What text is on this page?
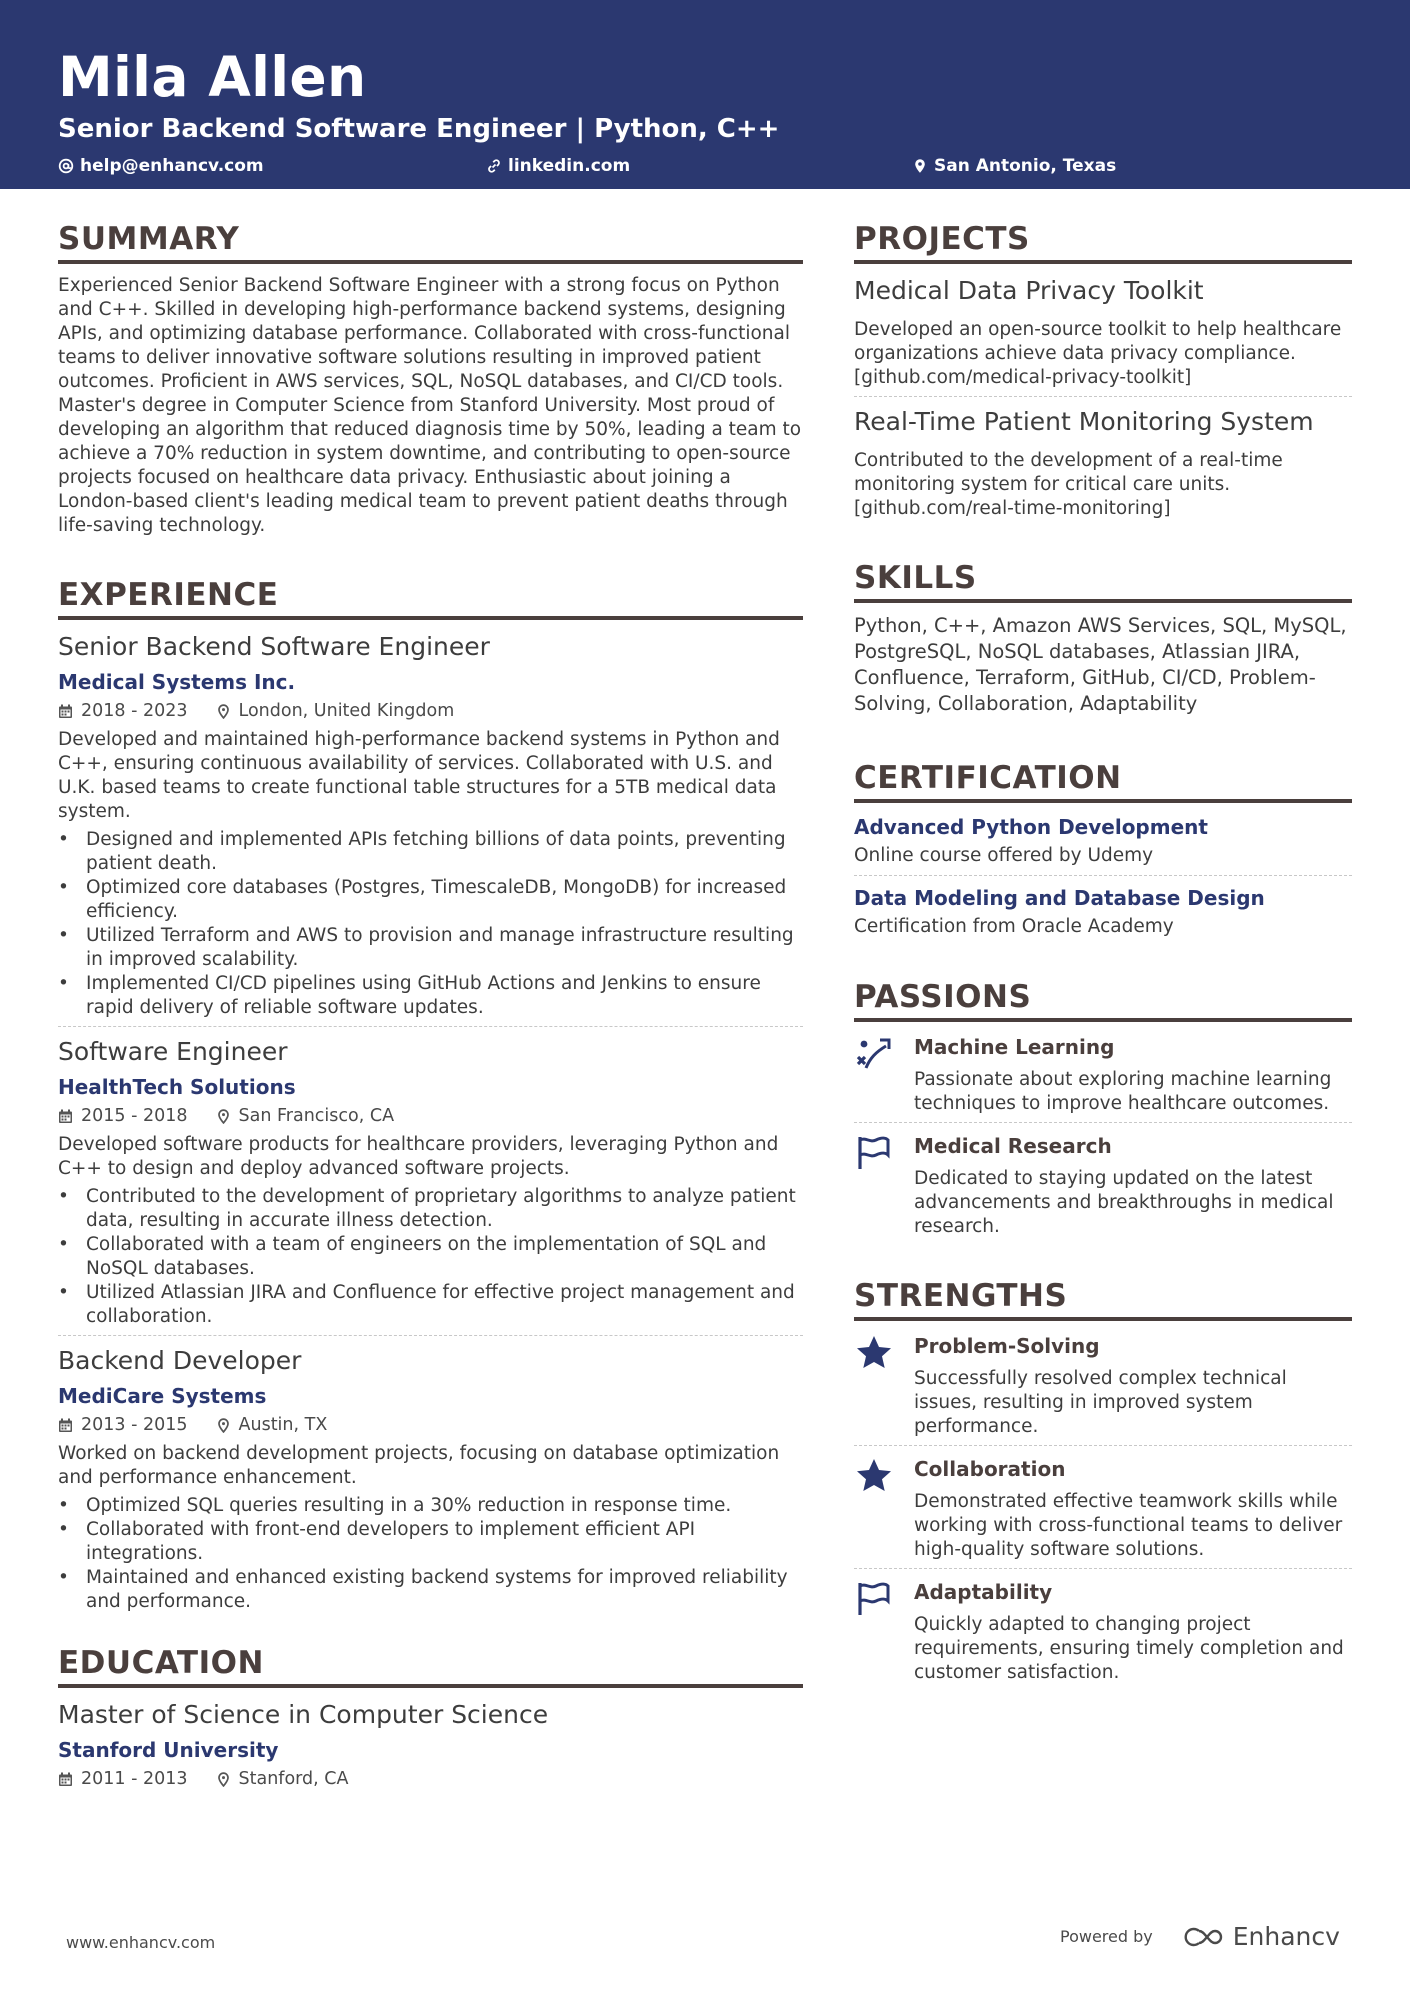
Mila Allen
Senior Backend Software Engineer | Python, C++
help@enhancv.com	linkedin.com	San Antonio, Texas
SUMMARY
Experienced Senior Backend Software Engineer with a strong focus on Python and C++. Skilled in developing high-performance backend systems, designing APIs, and optimizing database performance. Collaborated with cross-functional teams to deliver innovative software solutions resulting in improved patient outcomes. Proficient in AWS services, SQL, NoSQL databases, and CI/CD tools. Master's degree in Computer Science from Stanford University. Most proud of developing an algorithm that reduced diagnosis time by 50%, leading a team to achieve a 70% reduction in system downtime, and contributing to open-source projects focused on healthcare data privacy. Enthusiastic about joining a London-based client's leading medical team to prevent patient deaths through life-saving technology.
EXPERIENCE
Senior Backend Software Engineer
Medical Systems Inc.
2018 - 2023	London, United Kingdom
Developed and maintained high-performance backend systems in Python and C++, ensuring continuous availability of services. Collaborated with U.S. and U.K. based teams to create functional table structures for a 5TB medical data system.
• Designed and implemented APIs fetching billions of data points, preventing patient death.
• Optimized core databases (Postgres, TimescaleDB, MongoDB) for increased efficiency.
• Utilized Terraform and AWS to provision and manage infrastructure resulting in improved scalability.
• Implemented CI/CD pipelines using GitHub Actions and Jenkins to ensure rapid delivery of reliable software updates.
Software Engineer
HealthTech Solutions
2015 - 2018	San Francisco, CA
Developed software products for healthcare providers, leveraging Python and C++ to design and deploy advanced software projects.
• Contributed to the development of proprietary algorithms to analyze patient data, resulting in accurate illness detection.
• Collaborated with a team of engineers on the implementation of SQL and NoSQL databases.
• Utilized Atlassian JIRA and Confluence for effective project management and collaboration.
Backend Developer
MediCare Systems
2013 - 2015	Austin, TX
Worked on backend development projects, focusing on database optimization and performance enhancement.
• Optimized SQL queries resulting in a 30% reduction in response time.
• Collaborated with front-end developers to implement efficient API integrations.
• Maintained and enhanced existing backend systems for improved reliability and performance.
EDUCATION
Master of Science in Computer Science
Stanford University
2011 - 2013	Stanford, CA
PROJECTS
Medical Data Privacy Toolkit
Developed an open-source toolkit to help healthcare organizations achieve data privacy compliance. [github.com/medical-privacy-toolkit]
Real-Time Patient Monitoring System
Contributed to the development of a real-time monitoring system for critical care units. [github.com/real-time-monitoring]
SKILLS
Python, C++, Amazon AWS Services, SQL, MySQL, PostgreSQL, NoSQL databases, Atlassian JIRA, Confluence, Terraform, GitHub, CI/CD, Problem-Solving, Collaboration, Adaptability
CERTIFICATION
Advanced Python Development
Online course offered by Udemy
Data Modeling and Database Design
Certification from Oracle Academy
PASSIONS
Machine Learning
Passionate about exploring machine learning techniques to improve healthcare outcomes.
Medical Research
Dedicated to staying updated on the latest advancements and breakthroughs in medical research.
STRENGTHS
Problem-Solving
Successfully resolved complex technical issues, resulting in improved system performance.
Collaboration
Demonstrated effective teamwork skills while working with cross-functional teams to deliver high-quality software solutions.
Adaptability
Quickly adapted to changing project requirements, ensuring timely completion and customer satisfaction.
www.enhancv.com	Powered by	Enhancv
